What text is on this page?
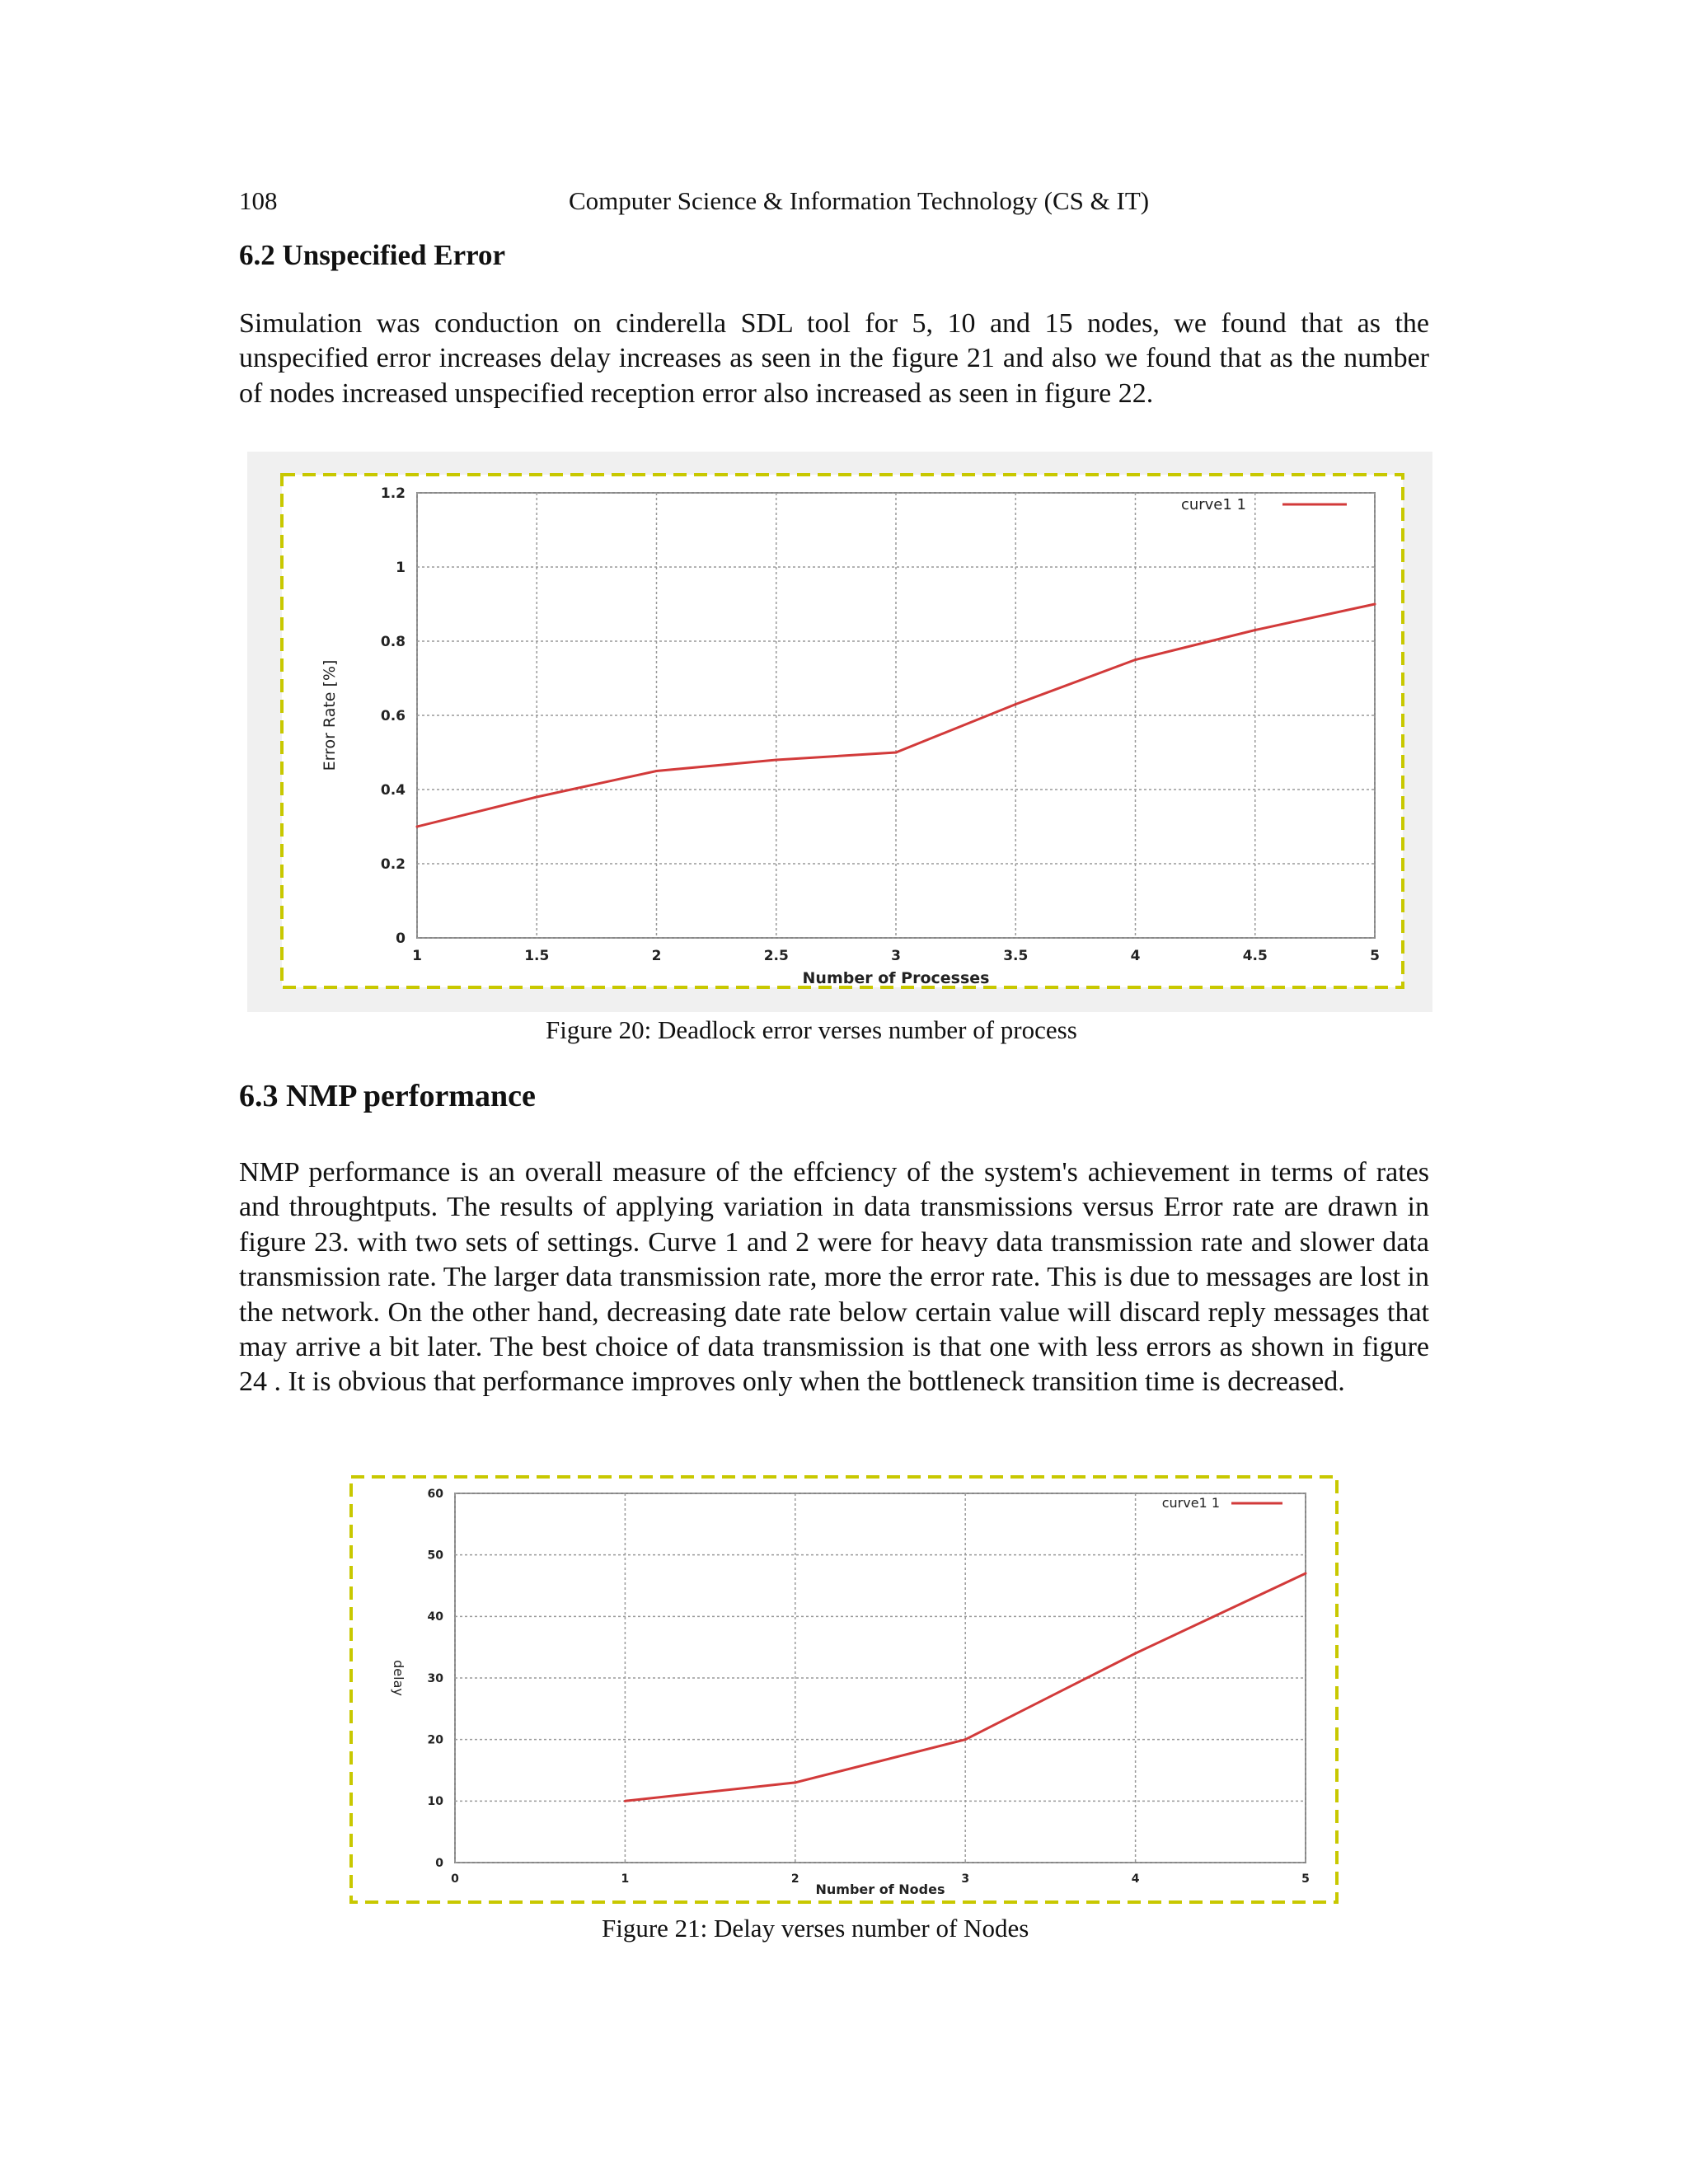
108	Computer Science & Information Technology (CS & IT)
6.2 Unspecified Error
Simulation was conduction on cinderella SDL tool for 5, 10 and 15 nodes, we found that as the unspecified error increases delay increases as seen in the figure 21 and also we found that as the number of nodes increased unspecified reception error also increased as seen in figure 22.
1	1.5	2	2.5	3	3.5	4	4.5	5
0
0.2
0.4
0.6
0.8
1
1.2
Number of Processes
Error Rate [%]
curve1 1
Figure 20: Deadlock error verses number of process
6.3 NMP performance
NMP performance is an overall measure of the effciency of the system's achievement in terms of rates and throughtputs. The results of applying variation in data transmissions versus Error rate are drawn in figure 23. with two sets of settings. Curve 1 and 2 were for heavy data transmission rate and slower data transmission rate. The larger data transmission rate, more the error rate. This is due to messages are lost in the network. On the other hand, decreasing date rate below certain value will discard reply messages that may arrive a bit later. The best choice of data transmission is that one with less errors as shown in figure 24 . It is obvious that performance improves only when the bottleneck transition time is decreased.
0	1	2	3	4	5
0
10
20
30
40
50
60
Number of Nodes
delay
curve1 1
Figure 21: Delay verses number of Nodes
